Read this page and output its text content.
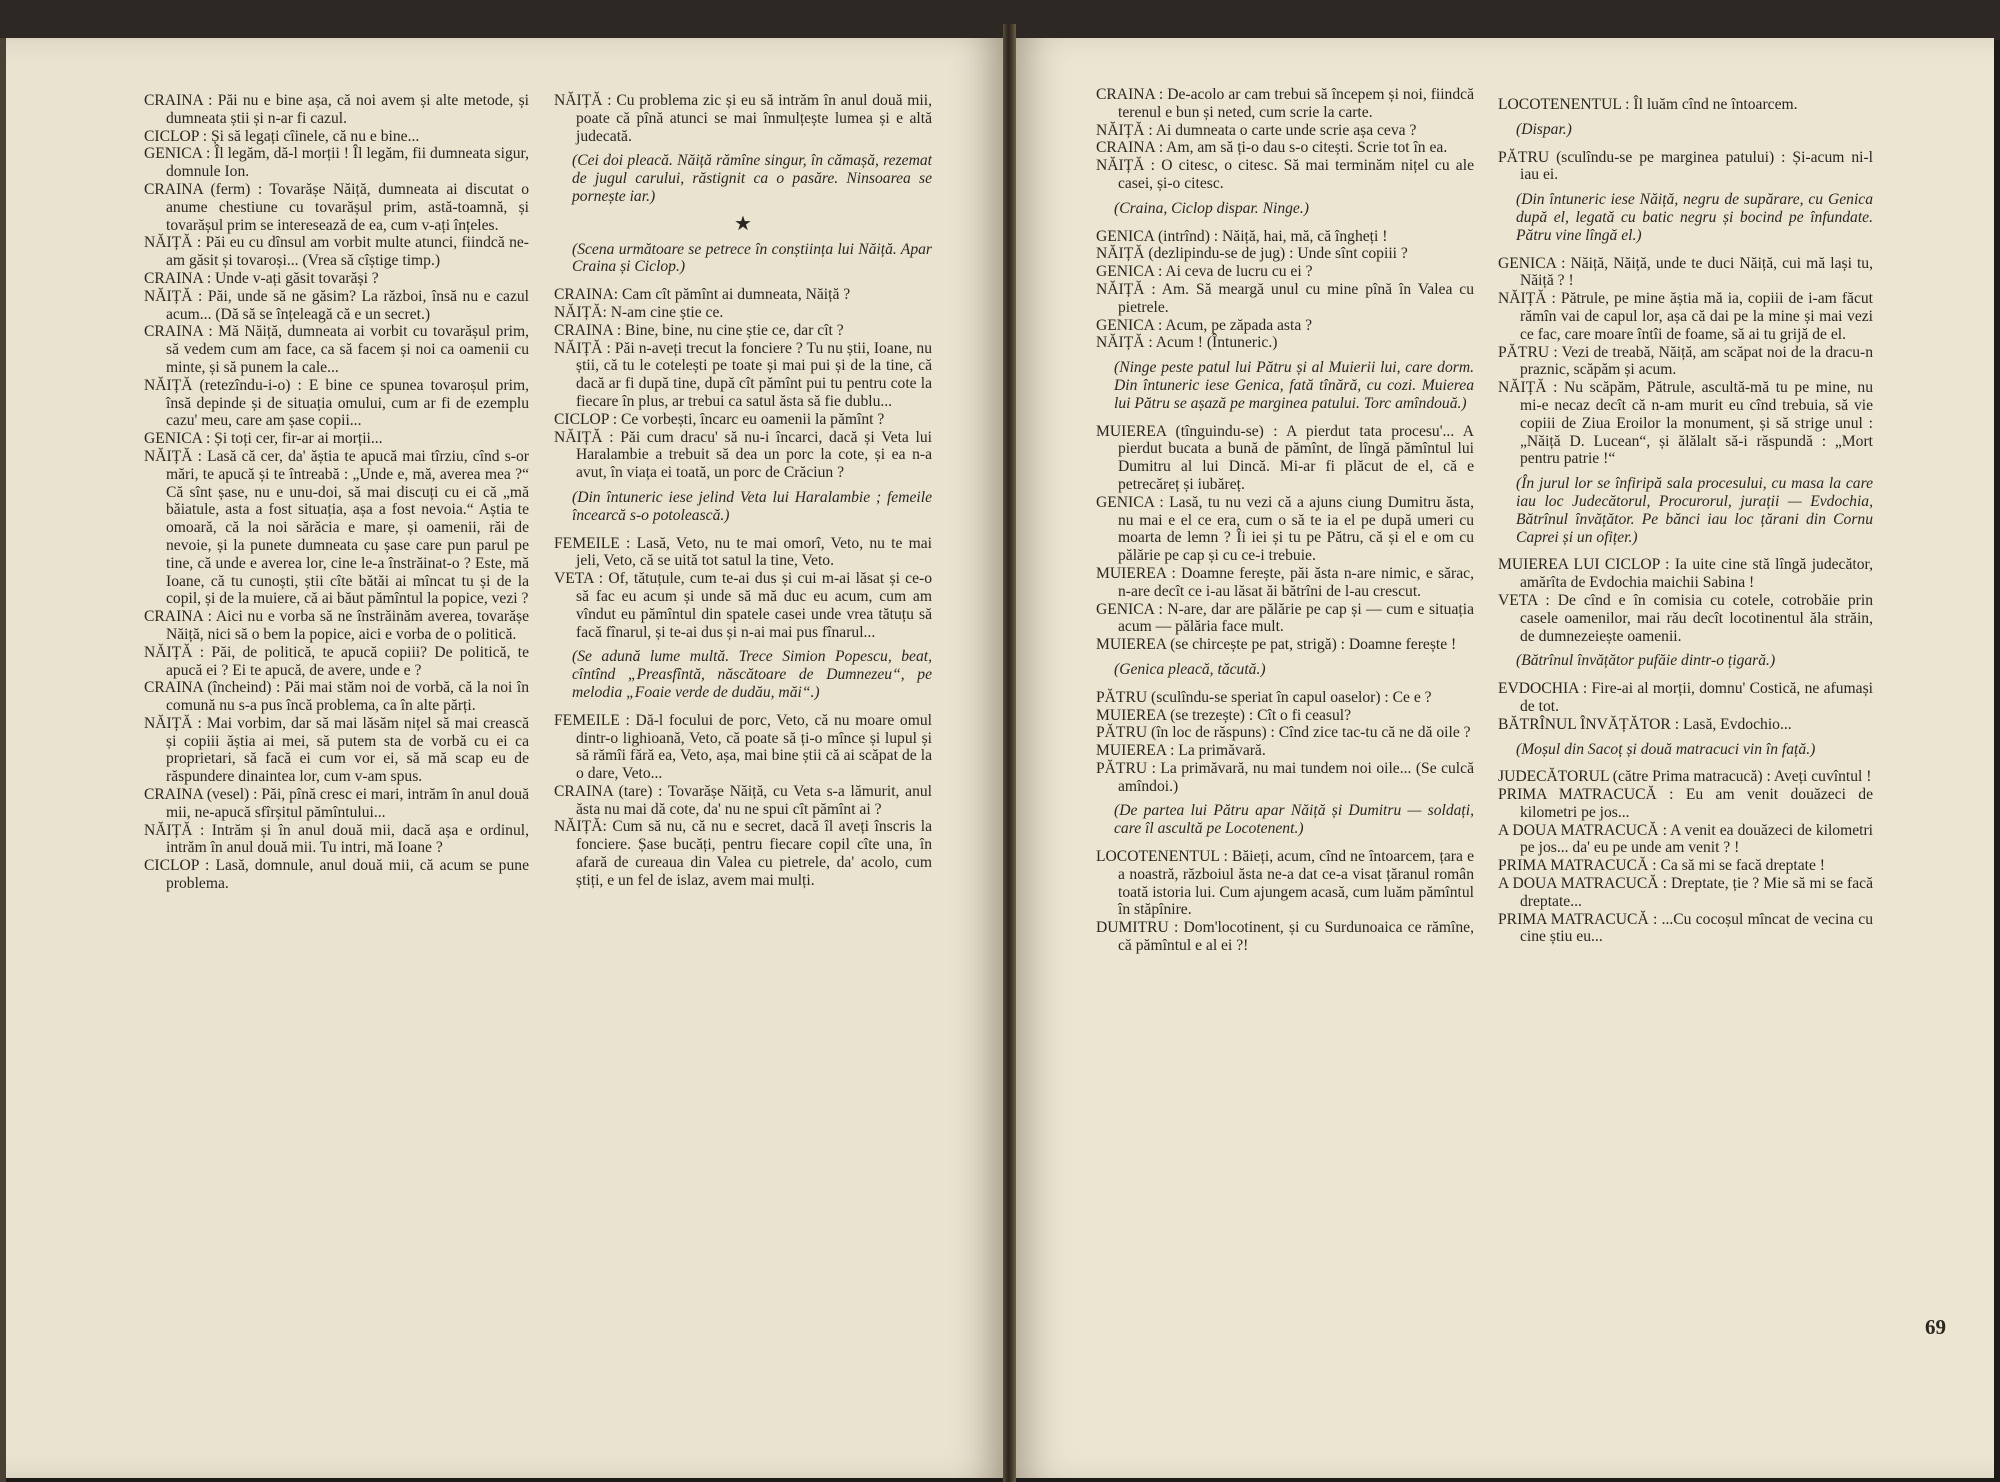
CRAINA : Păi nu e bine așa, că noi avem și alte metode, și dumneata știi și n-ar fi cazul.

CICLOP : Și să legați cîinele, că nu e bine...

GENICA : Îl legăm, dă-l morții ! Îl legăm, fii dumneata sigur, domnule Ion.

CRAINA (ferm) : Tovarășe Năiță, dumneata ai discutat o anume chestiune cu tovarășul prim, astă-toamnă, și tovarășul prim se interesează de ea, cum v-ați înțeles.

NĂIȚĂ : Păi eu cu dînsul am vorbit multe atunci, fiindcă ne-am găsit și tovaroși... (Vrea să cîștige timp.)

CRAINA : Unde v-ați găsit tovarăși ?

NĂIȚĂ : Păi, unde să ne găsim? La război, însă nu e cazul acum... (Dă să se înțeleagă că e un secret.)

CRAINA : Mă Năiță, dumneata ai vorbit cu tovarășul prim, să vedem cum am face, ca să facem și noi ca oamenii cu minte, și să punem la cale...

NĂIȚĂ (retezîndu-i-o) : E bine ce spunea tovaroșul prim, însă depinde și de situația omului, cum ar fi de ezemplu cazu' meu, care am șase copii...

GENICA : Și toți cer, fir-ar ai morții...

NĂIȚĂ : Lasă că cer, da' ăștia te apucă mai tîrziu, cînd s-or mări, te apucă și te întreabă : „Unde e, mă, averea mea ?“ Că sînt șase, nu e unu-doi, să mai discuți cu ei că „mă băiatule, asta a fost situația, așa a fost nevoia.“ Aștia te omoară, că la noi sărăcia e mare, și oamenii, răi de nevoie, și la punete dumneata cu șase care pun parul pe tine, că unde e averea lor, cine le-a înstrăinat-o ? Este, mă Ioane, că tu cunoști, știi cîte bătăi ai mîncat tu și de la copil, și de la muiere, că ai băut pămîntul la popice, vezi ?

CRAINA : Aici nu e vorba să ne înstrăinăm averea, tovarășe Năiță, nici să o bem la popice, aici e vorba de o politică.

NĂIȚĂ : Păi, de politică, te apucă copiii? De politică, te apucă ei ? Ei te apucă, de avere, unde e ?

CRAINA (încheind) : Păi mai stăm noi de vorbă, că la noi în comună nu s-a pus încă problema, ca în alte părți.

NĂIȚĂ : Mai vorbim, dar să mai lăsăm nițel să mai crească și copiii ăștia ai mei, să putem sta de vorbă cu ei ca proprietari, să facă ei cum vor ei, să mă scap eu de răspundere dinaintea lor, cum v-am spus.

CRAINA (vesel) : Păi, pînă cresc ei mari, intrăm în anul două mii, ne-apucă sfîrșitul pămîntului...

NĂIȚĂ : Intrăm și în anul două mii, dacă așa e ordinul, intrăm în anul două mii. Tu intri, mă Ioane ?

CICLOP : Lasă, domnule, anul două mii, că acum se pune problema.

NĂIȚĂ : Cu problema zic și eu să intrăm în anul două mii, poate că pînă atunci se mai înmulțește lumea și e altă judecată.

(Cei doi pleacă. Năiță rămîne singur, în cămașă, rezemat de jugul carului, răstignit ca o pasăre. Ninsoarea se pornește iar.)

★

(Scena următoare se petrece în conștiința lui Năiță. Apar Craina și Ciclop.)

CRAINA: Cam cît pămînt ai dumneata, Năiță ?

NĂIȚĂ: N-am cine știe ce.

CRAINA : Bine, bine, nu cine știe ce, dar cît ?

NĂIȚĂ : Păi n-aveți trecut la fonciere ? Tu nu știi, Ioane, nu știi, că tu le cotelești pe toate și mai pui și de la tine, că dacă ar fi după tine, după cît pămînt pui tu pentru cote la fiecare în plus, ar trebui ca satul ăsta să fie dublu...

CICLOP : Ce vorbești, încarc eu oamenii la pămînt ?

NĂIȚĂ : Păi cum dracu' să nu-i încarci, dacă și Veta lui Haralambie a trebuit să dea un porc la cote, și ea n-a avut, în viața ei toată, un porc de Crăciun ?

(Din întuneric iese jelind Veta lui Haralambie ; femeile încearcă s-o potolească.)

FEMEILE : Lasă, Veto, nu te mai omorî, Veto, nu te mai jeli, Veto, că se uită tot satul la tine, Veto.

VETA : Of, tătuțule, cum te-ai dus și cui m-ai lăsat și ce-o să fac eu acum și unde să mă duc eu acum, cum am vîndut eu pămîntul din spatele casei unde vrea tătuțu să facă fînarul, și te-ai dus și n-ai mai pus fînarul...

(Se adună lume multă. Trece Simion Popescu, beat, cîntînd „Preasfîntă, născătoare de Dumnezeu“, pe melodia „Foaie verde de dudău, măi“.)

FEMEILE : Dă-l focului de porc, Veto, că nu moare omul dintr-o lighioană, Veto, că poate să ți-o mînce și lupul și să rămîi fără ea, Veto, așa, mai bine știi că ai scăpat de la o dare, Veto...

CRAINA (tare) : Tovarășe Năiță, cu Veta s-a lămurit, anul ăsta nu mai dă cote, da' nu ne spui cît pămînt ai ?

NĂIȚĂ: Cum să nu, că nu e secret, dacă îl aveți înscris la fonciere. Șase bucăți, pentru fiecare copil cîte una, în afară de cureaua din Valea cu pietrele, da' acolo, cum știți, e un fel de islaz, avem mai mulți.

CRAINA : De-acolo ar cam trebui să începem și noi, fiindcă terenul e bun și neted, cum scrie la carte.

NĂIȚĂ : Ai dumneata o carte unde scrie așa ceva ?

CRAINA : Am, am să ți-o dau s-o citești. Scrie tot în ea.

NĂIȚĂ : O citesc, o citesc. Să mai terminăm nițel cu ale casei, și-o citesc.

(Craina, Ciclop dispar. Ninge.)

GENICA (intrînd) : Năiță, hai, mă, că îngheți !

NĂIȚĂ (dezlipindu-se de jug) : Unde sînt copiii ?

GENICA : Ai ceva de lucru cu ei ?

NĂIȚĂ : Am. Să meargă unul cu mine pînă în Valea cu pietrele.

GENICA : Acum, pe zăpada asta ?

NĂIȚĂ : Acum ! (Întuneric.)

(Ninge peste patul lui Pătru și al Muierii lui, care dorm. Din întuneric iese Genica, fată tînără, cu cozi. Muierea lui Pătru se așază pe marginea patului. Torc amîndouă.)

MUIEREA (tînguindu-se) : A pierdut tata procesu'... A pierdut bucata a bună de pămînt, de lîngă pămîntul lui Dumitru al lui Dincă. Mi-ar fi plăcut de el, că e petrecăreț și iubăreț.

GENICA : Lasă, tu nu vezi că a ajuns ciung Dumitru ăsta, nu mai e el ce era, cum o să te ia el pe după umeri cu moarta de lemn ? Îi iei și tu pe Pătru, că și el e om cu pălărie pe cap și cu ce-i trebuie.

MUIEREA : Doamne ferește, păi ăsta n-are nimic, e sărac, n-are decît ce i-au lăsat ăi bătrîni de l-au crescut.

GENICA : N-are, dar are pălărie pe cap și — cum e situația acum — pălăria face mult.

MUIEREA (se chircește pe pat, strigă) : Doamne ferește !

(Genica pleacă, tăcută.)

PĂTRU (sculîndu-se speriat în capul oaselor) : Ce e ?

MUIEREA (se trezește) : Cît o fi ceasul?

PĂTRU (în loc de răspuns) : Cînd zice tac-tu că ne dă oile ?

MUIEREA : La primăvară.

PĂTRU : La primăvară, nu mai tundem noi oile... (Se culcă amîndoi.)

(De partea lui Pătru apar Năiță și Dumitru — soldați, care îl ascultă pe Locotenent.)

LOCOTENENTUL : Băieți, acum, cînd ne întoarcem, țara e a noastră, războiul ăsta ne-a dat ce-a visat țăranul român toată istoria lui. Cum ajungem acasă, cum luăm pămîntul în stăpînire.

DUMITRU : Dom'locotinent, și cu Surdunoaica ce rămîne, că pămîntul e al ei ?!

LOCOTENENTUL : Îl luăm cînd ne întoarcem.

(Dispar.)

PĂTRU (sculîndu-se pe marginea patului) : Și-acum ni-l iau ei.

(Din întuneric iese Năiță, negru de supărare, cu Genica după el, legată cu batic negru și bocind pe înfundate. Pătru vine lîngă el.)

GENICA : Năiță, Năiță, unde te duci Năiță, cui mă lași tu, Năiță ? !

NĂIȚĂ : Pătrule, pe mine ăștia mă ia, copiii de i-am făcut rămîn vai de capul lor, așa că dai pe la mine și mai vezi ce fac, care moare întîi de foame, să ai tu grijă de el.

PĂTRU : Vezi de treabă, Năiță, am scăpat noi de la dracu-n praznic, scăpăm și acum.

NĂIȚĂ : Nu scăpăm, Pătrule, ascultă-mă tu pe mine, nu mi-e necaz decît că n-am murit eu cînd trebuia, să vie copiii de Ziua Eroilor la monument, și să strige unul : „Năiță D. Lucean“, și ălălalt să-i răspundă : „Mort pentru patrie !“

(În jurul lor se înfiripă sala procesului, cu masa la care iau loc Judecătorul, Procurorul, jurații — Evdochia, Bătrînul învățător. Pe bănci iau loc țărani din Cornu Caprei și un ofițer.)

MUIEREA LUI CICLOP : Ia uite cine stă lîngă judecător, amărîta de Evdochia maichii Sabina !

VETA : De cînd e în comisia cu cotele, cotrobăie prin casele oamenilor, mai rău decît locotinentul ăla străin, de dumnezeiește oamenii.

(Bătrînul învățător pufăie dintr-o țigară.)

EVDOCHIA : Fire-ai al morții, domnu' Costică, ne afumași de tot.

BĂTRÎNUL ÎNVĂȚĂTOR : Lasă, Evdochio...

(Moșul din Sacoț și două matracuci vin în față.)

JUDECĂTORUL (către Prima matracucă) : Aveți cuvîntul !

PRIMA MATRACUCĂ : Eu am venit douăzeci de kilometri pe jos...

A DOUA MATRACUCĂ : A venit ea douăzeci de kilometri pe jos... da' eu pe unde am venit ? !

PRIMA MATRACUCĂ : Ca să mi se facă dreptate !

A DOUA MATRACUCĂ : Dreptate, ție ? Mie să mi se facă dreptate...

PRIMA MATRACUCĂ : ...Cu cocoșul mîncat de vecina cu cine știu eu...

69
